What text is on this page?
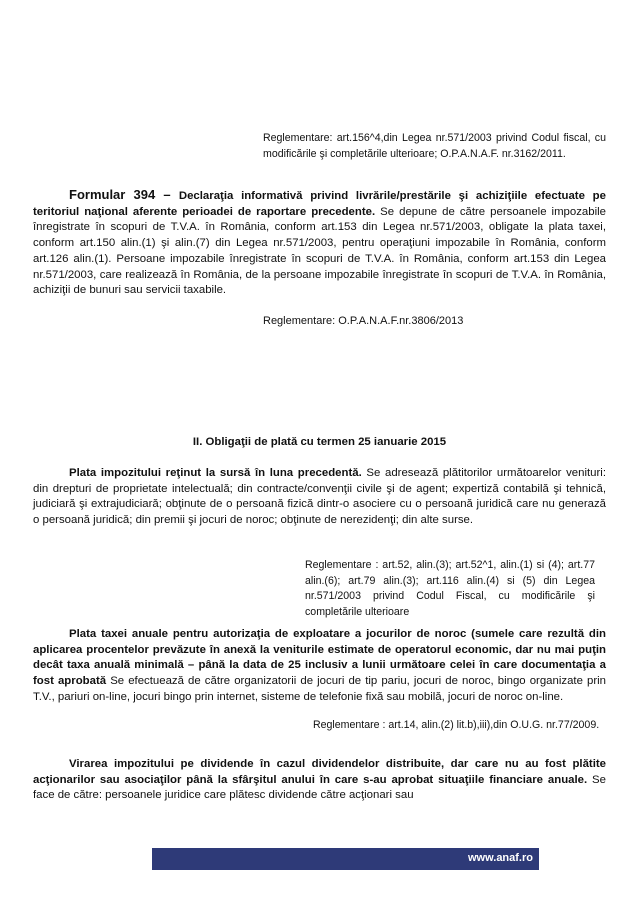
Reglementare: art.156^4,din Legea nr.571/2003 privind Codul fiscal, cu modificările şi completările ulterioare; O.P.A.N.A.F. nr.3162/2011.

Formular 394 – Declaraţia informativă privind livrările/prestările şi achiziţiile efectuate pe teritoriul naţional aferente perioadei de raportare precedente. Se depune de către persoanele impozabile înregistrate în scopuri de T.V.A. în România, conform art.153 din Legea nr.571/2003, obligate la plata taxei, conform art.150 alin.(1) şi alin.(7) din Legea nr.571/2003, pentru operaţiuni impozabile în România, conform art.126 alin.(1). Persoane impozabile înregistrate în scopuri de T.V.A. în România, conform art.153 din Legea nr.571/2003, care realizează în România, de la persoane impozabile înregistrate în scopuri de T.V.A. în România, achiziţii de bunuri sau servicii taxabile.

Reglementare: O.P.A.N.A.F.nr.3806/2013

II. Obligaţii de plată cu termen 25 ianuarie 2015

Plata impozitului reţinut la sursă în luna precedentă. Se adresează plătitorilor următoarelor venituri: din drepturi de proprietate intelectuală; din contracte/convenţii civile şi de agent; expertiză contabilă şi tehnică, judiciară şi extrajudiciară; obţinute de o persoană fizică dintr-o asociere cu o persoană juridică care nu generază o persoană juridică; din premii şi jocuri de noroc; obţinute de nerezidenţi; din alte surse.

Reglementare : art.52, alin.(3); art.52^1, alin.(1) si (4); art.77 alin.(6); art.79 alin.(3); art.116 alin.(4) si (5) din Legea nr.571/2003 privind Codul Fiscal, cu modificările şi completările ulterioare

Plata taxei anuale pentru autorizaţia de exploatare a jocurilor de noroc (sumele care rezultă din aplicarea procentelor prevăzute în anexă la veniturile estimate de operatorul economic, dar nu mai puţin decât taxa anuală minimală – până la data de 25 inclusiv a lunii următoare celei în care documentaţia a fost aprobată Se efectuează de către organizatorii de jocuri de tip pariu, jocuri de noroc, bingo organizate prin T.V., pariuri on-line, jocuri bingo prin internet, sisteme de telefonie fixă sau mobilă, jocuri de noroc on-line.

Reglementare : art.14, alin.(2) lit.b),iii),din O.U.G. nr.77/2009.

Virarea impozitului pe dividende în cazul dividendelor distribuite, dar care nu au fost plătite acţionarilor sau asociaţilor până la sfârşitul anului în care s-au aprobat situaţiile financiare anuale. Se face de către: persoanele juridice care plătesc dividende către acţionari sau

www.anaf.ro
